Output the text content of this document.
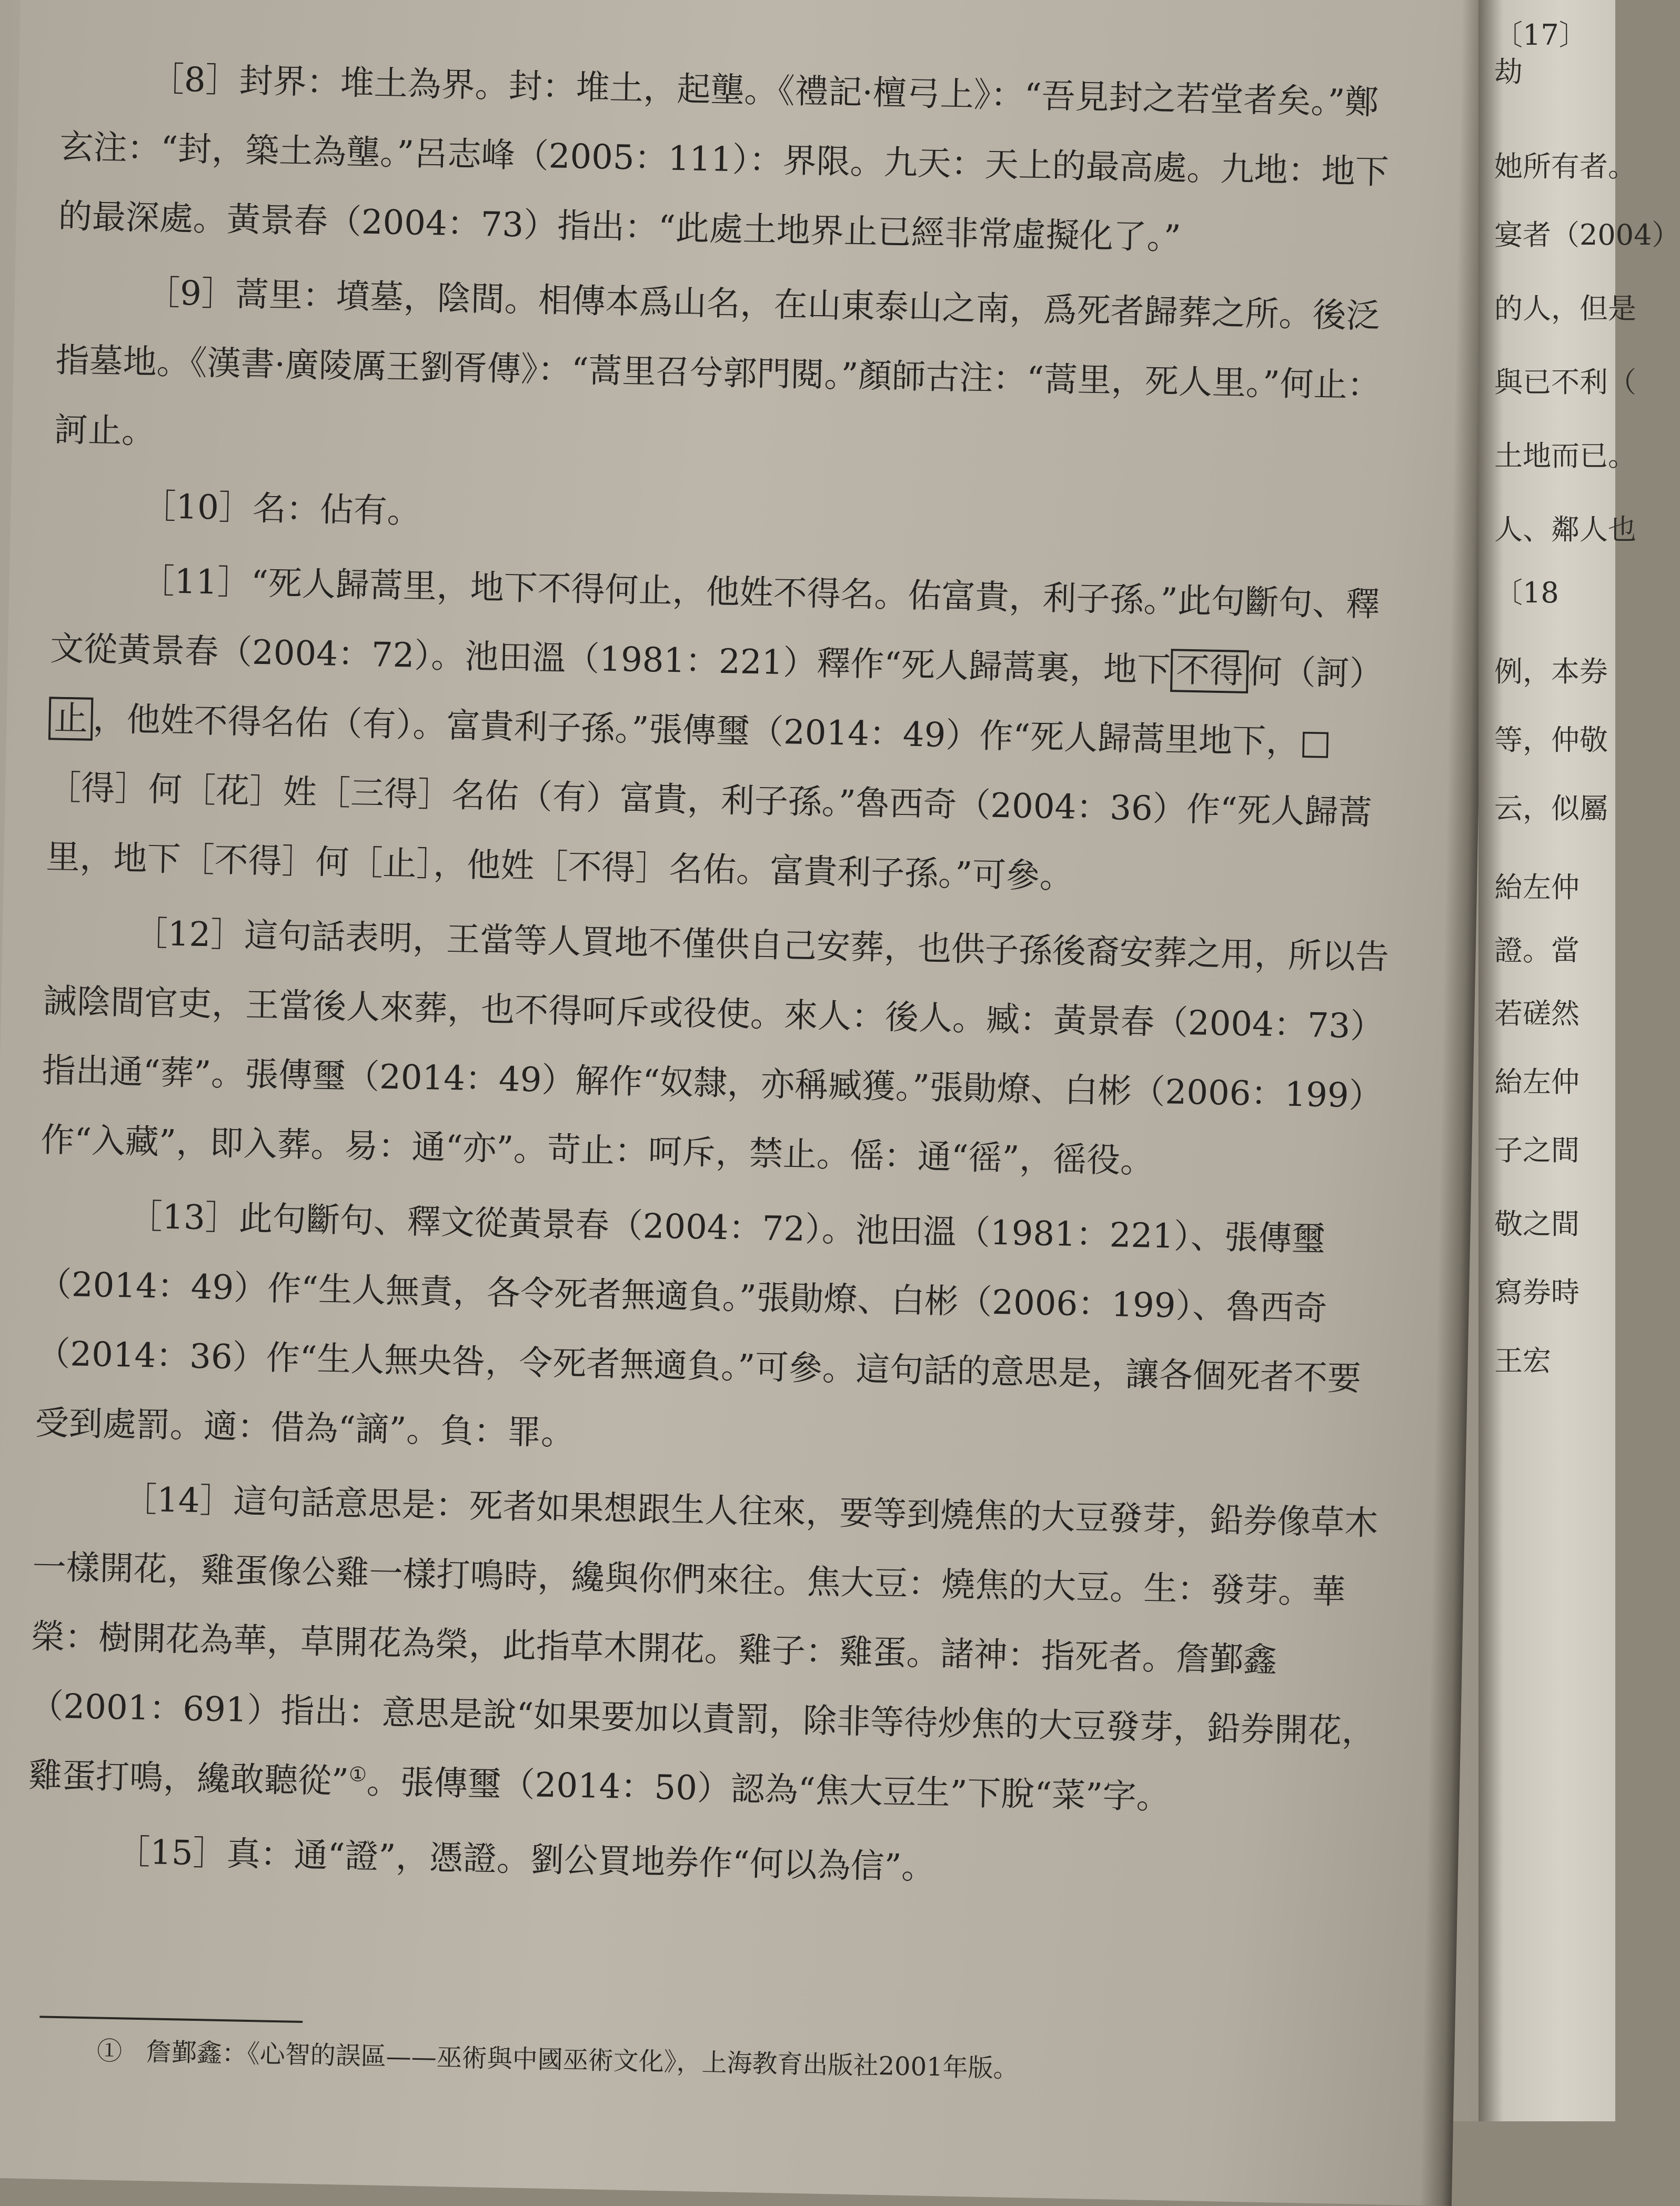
［8］封界：堆土為界。封：堆土，起壟。《禮記·檀弓上》：“吾見封之若堂者矣。”鄭玄注：“封，築土為壟。”呂志峰（2005：111）：界限。九天：天上的最高處。九地：地下的最深處。黃景春（2004：73）指出：“此處土地界止已經非常虛擬化了。”

［9］蒿里：墳墓，陰間。相傳本爲山名，在山東泰山之南，爲死者歸葬之所。後泛指墓地。《漢書·廣陵厲王劉胥傳》：“蒿里召兮郭門閱。”顏師古注：“蒿里，死人里。”何止：訶止。

［10］名：佔有。

［11］“死人歸蒿里，地下不得何止，他姓不得名。佑富貴，利子孫。”此句斷句、釋文從黃景春（2004：72）。池田溫（1981：221）釋作“死人歸蒿裏，地下 不得 何（訶）止 ，他姓不得名佑（有）。富貴利子孫。”張傳璽（2014：49）作“死人歸蒿里地下，□［得］何［花］姓［三得］名佑（有）富貴，利子孫。”魯西奇（2004：36）作“死人歸蒿里，地下［不得］何［止］，他姓［不得］名佑。富貴利子孫。”可參。

［12］這句話表明，王當等人買地不僅供自己安葬，也供子孫後裔安葬之用，所以告誡陰間官吏，王當後人來葬，也不得呵斥或役使。來人：後人。臧：黃景春（2004：73）指出通“葬”。張傳璽（2014：49）解作“奴隸，亦稱臧獲。”張勛燎、白彬（2006：199）作“入藏”，即入葬。易：通“亦”。苛止：呵斥，禁止。傜：通“徭”，徭役。

［13］此句斷句、釋文從黃景春（2004：72）。池田溫（1981：221）、張傳璽（2014：49）作“生人無責，各令死者無適負。”張勛燎、白彬（2006：199）、魯西奇（2014：36）作“生人無央咎，令死者無適負。”可參。這句話的意思是，讓各個死者不要受到處罰。適：借為“謫”。負：罪。

［14］這句話意思是：死者如果想跟生人往來，要等到燒焦的大豆發芽，鉛券像草木一樣開花，雞蛋像公雞一樣打鳴時，纔與你們來往。焦大豆：燒焦的大豆。生：發芽。華榮：樹開花為華，草開花為榮，此指草木開花。雞子：雞蛋。諸神：指死者。詹鄞鑫（2001：691）指出：意思是說“如果要加以責罰，除非等待炒焦的大豆發芽，鉛券開花，雞蛋打鳴，纔敢聽從”①。張傳璽（2014：50）認為“焦大豆生”下脫“菜”字。

［15］真：通“證”，憑證。劉公買地券作“何以為信”。

① 詹鄞鑫：《心智的誤區——巫術與中國巫術文化》，上海教育出版社2001年版。
〔17〕
劫
她所有者。
宴者（2004）
的人，但是
與已不利（
土地而已。
人、鄰人也
〔18
例，本券
等，仲敬
云，似屬
紿左仲
證。當
若磋然
紿左仲
子之間
敬之間
寫券時
王宏
